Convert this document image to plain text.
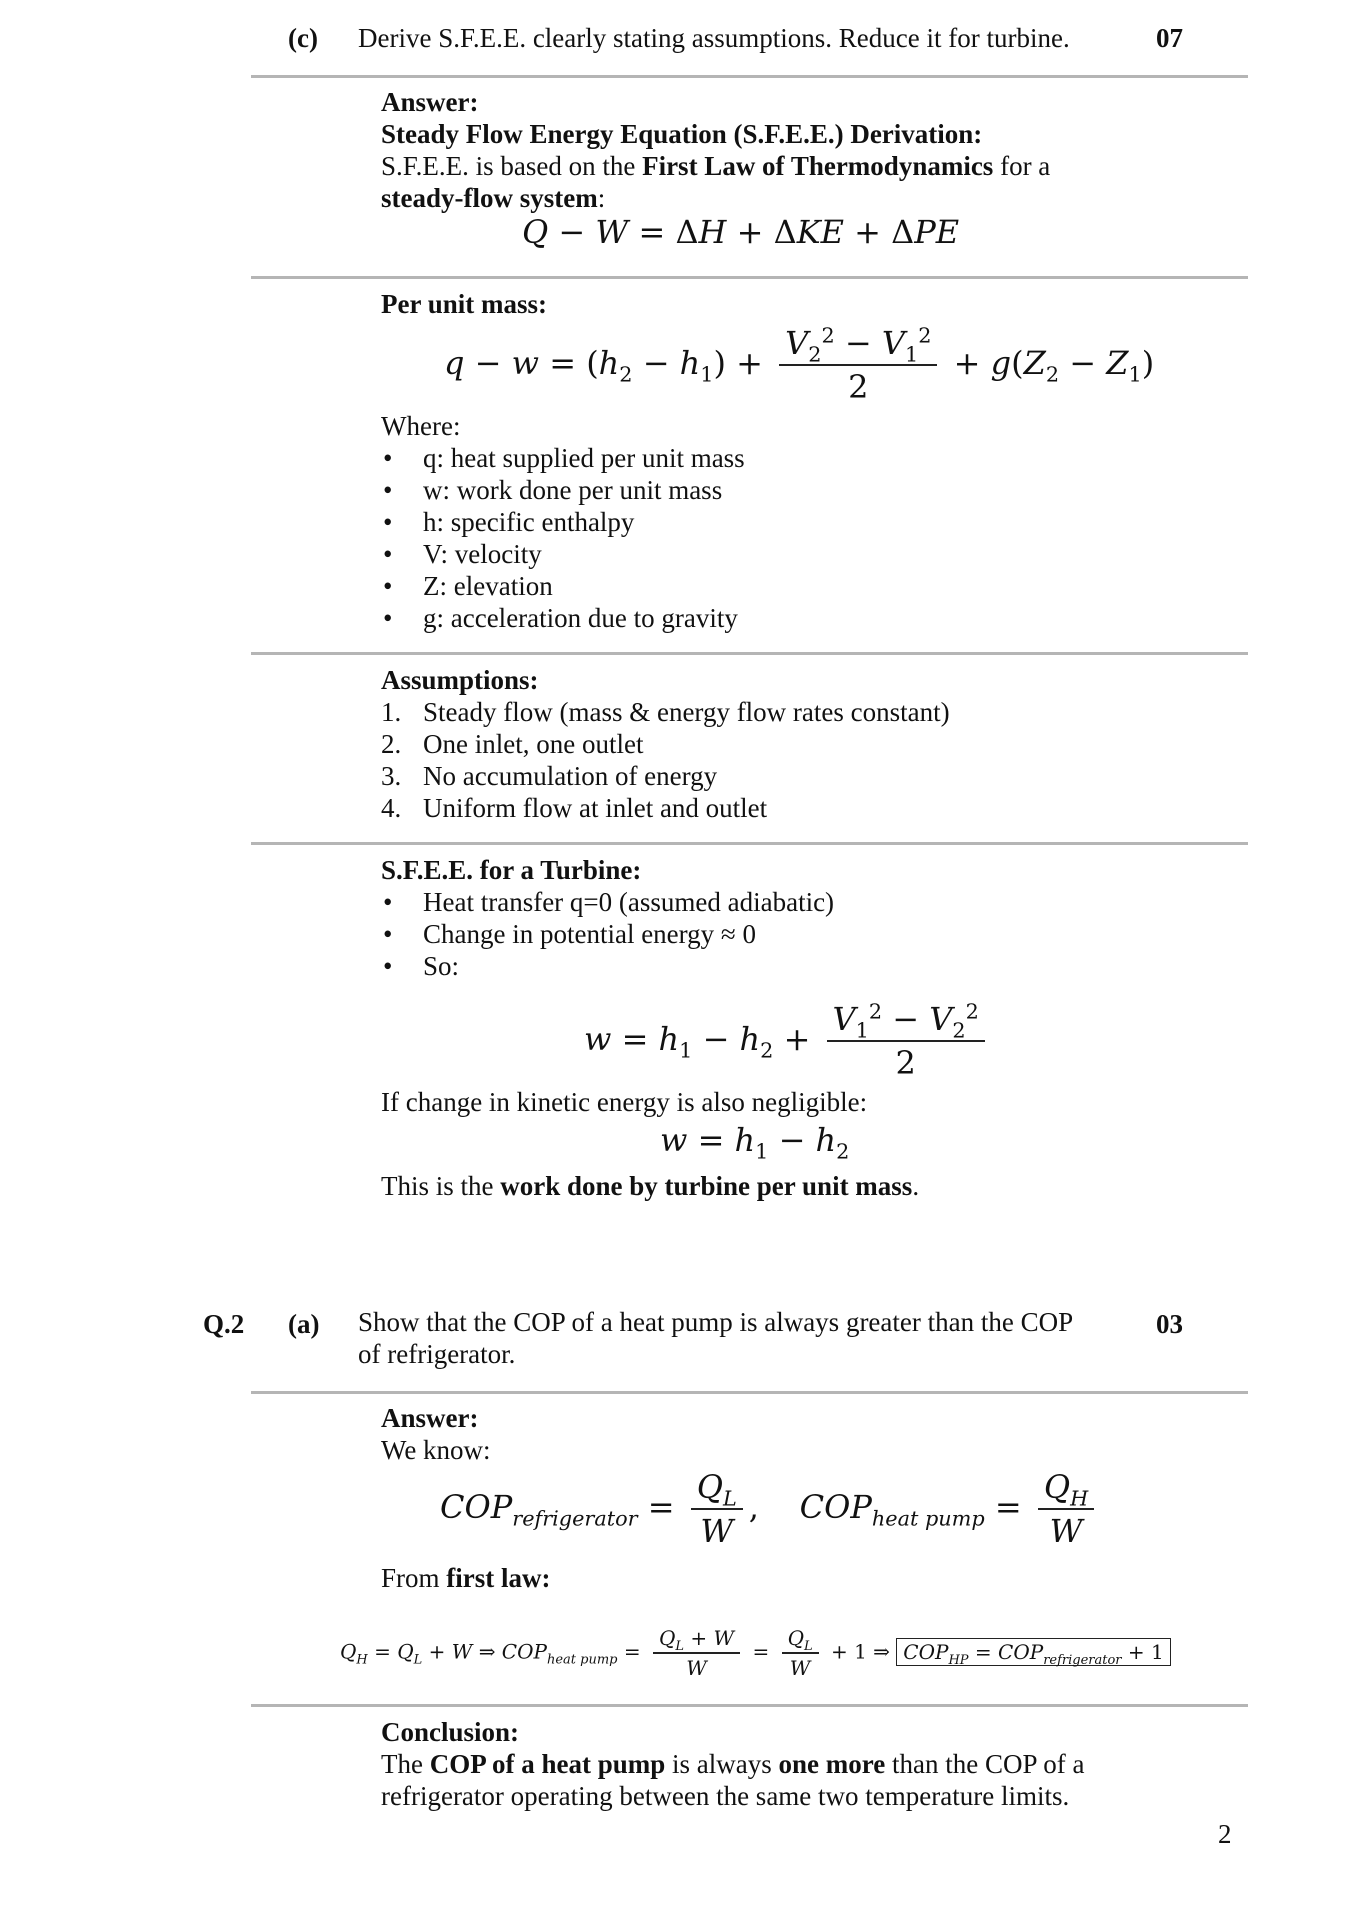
(c) Derive S.F.E.E. clearly stating assumptions. Reduce it for turbine.	07
Answer:
Steady Flow Energy Equation (S.F.E.E.) Derivation:
S.F.E.E. is based on the First Law of Thermodynamics for a
steady-flow system:
Q − W = ΔH + ΔKE + ΔPE
Per unit mass:
$q - w = (h_2 - h_1) + \frac{V_2^2 - V_1^2}{2} + g(Z_2 - Z_1)$
Where:
• q: heat supplied per unit mass
• w: work done per unit mass
• h: specific enthalpy
• V: velocity
• Z: elevation
• g: acceleration due to gravity
Assumptions:
1. Steady flow (mass & energy flow rates constant)
2. One inlet, one outlet
3. No accumulation of energy
4. Uniform flow at inlet and outlet
S.F.E.E. for a Turbine:
• Heat transfer q=0 (assumed adiabatic)
• Change in potential energy ≈ 0
• So:
$w = h_1 - h_2 + \frac{V_1^2 - V_2^2}{2}$
If change in kinetic energy is also negligible:
$w = h_1 - h_2$
This is the work done by turbine per unit mass.
Q.2 (a) Show that the COP of a heat pump is always greater than the COP
of refrigerator.
03
Answer:
We know:
$COP_{refrigerator} = \frac{Q_L}{W}$ ,    $COP_{heat pump} = \frac{Q_H}{W}$
From first law:
$Q_H = Q_L + W$ ⇒ $COP_{heat pump} = \frac{Q_L + W}{W} = \frac{Q_L}{W} + 1$ ⇒ $COP_{HP} = COP_{refrigerator} + 1$
Conclusion:
The COP of a heat pump is always one more than the COP of a
refrigerator operating between the same two temperature limits.
2
